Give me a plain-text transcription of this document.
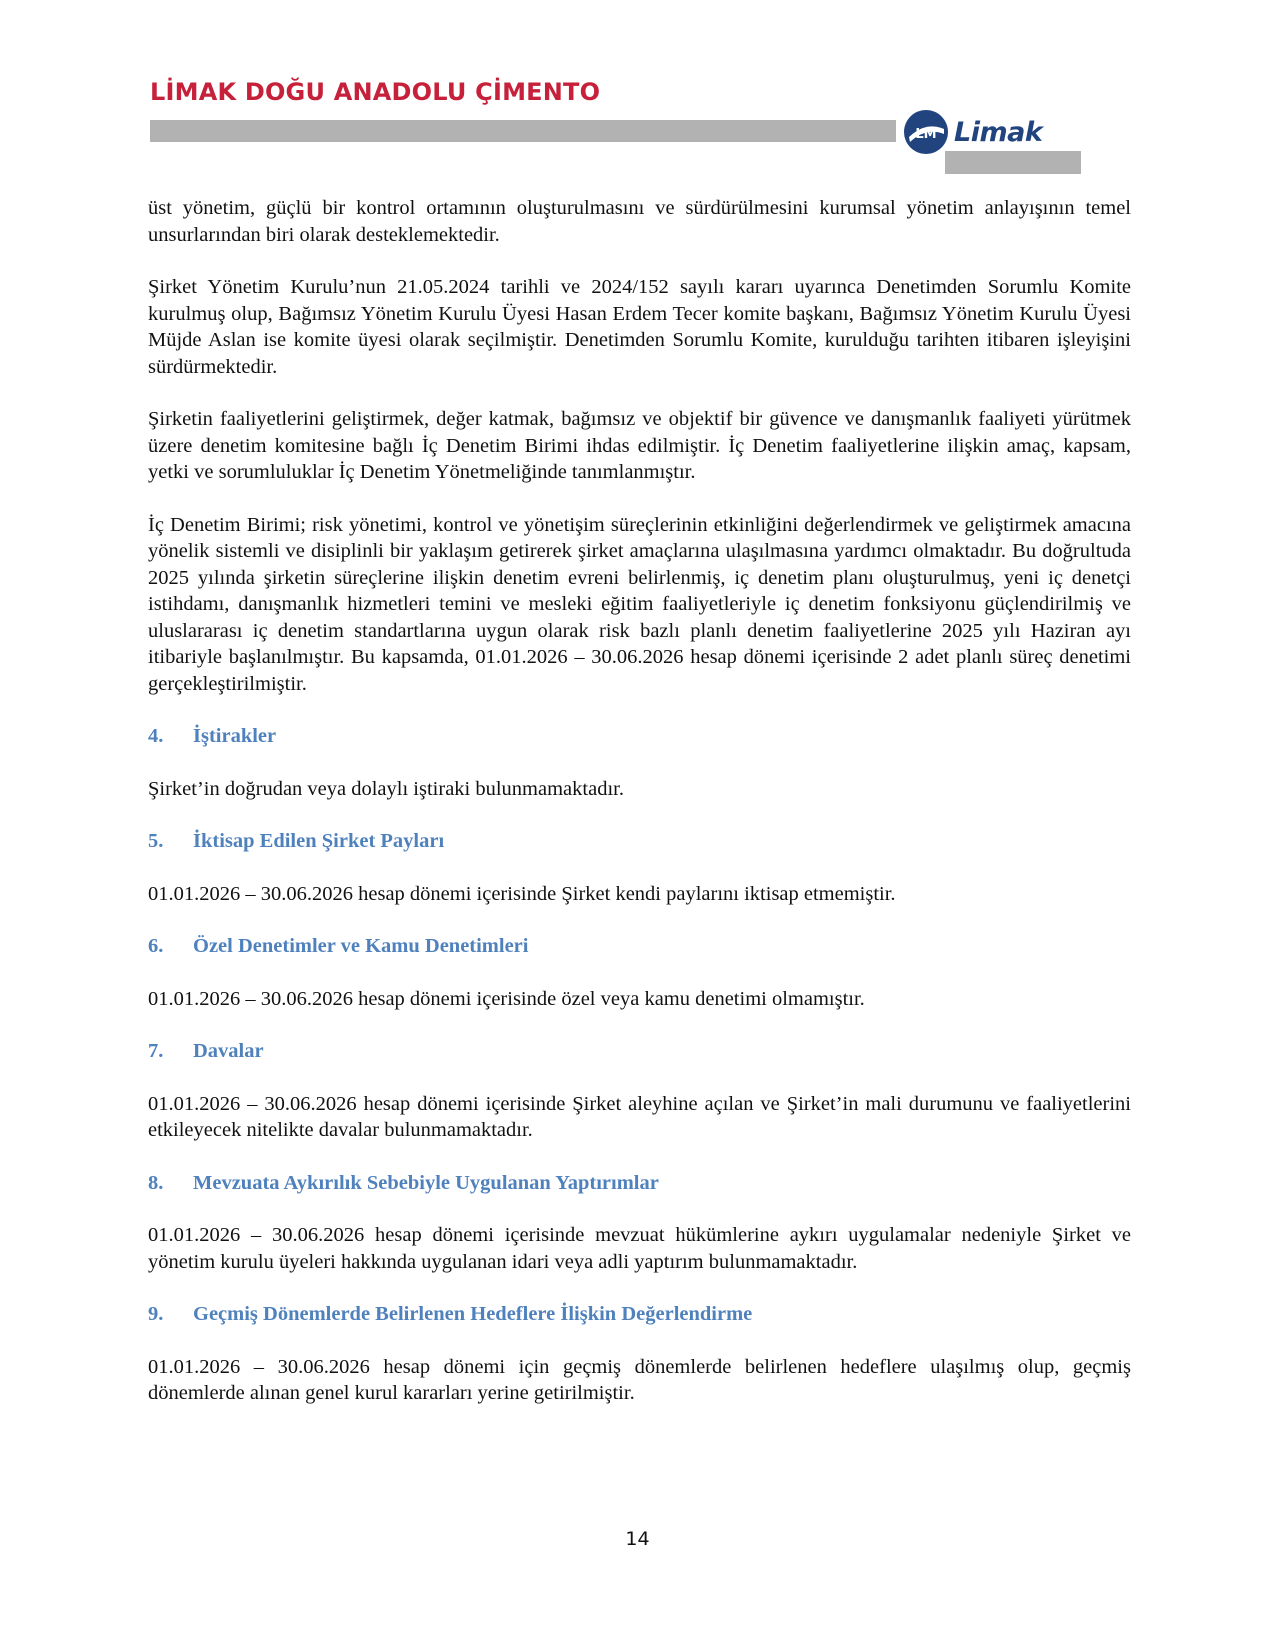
LİMAK DOĞU ANADOLU ÇİMENTO
LM Limak

üst yönetim, güçlü bir kontrol ortamının oluşturulmasını ve sürdürülmesini kurumsal yönetim anlayışının temel unsurlarından biri olarak desteklemektedir.

Şirket Yönetim Kurulu’nun 21.05.2024 tarihli ve 2024/152 sayılı kararı uyarınca Denetimden Sorumlu Komite kurulmuş olup, Bağımsız Yönetim Kurulu Üyesi Hasan Erdem Tecer komite başkanı, Bağımsız Yönetim Kurulu Üyesi Müjde Aslan ise komite üyesi olarak seçilmiştir. Denetimden Sorumlu Komite, kurulduğu tarihten itibaren işleyişini sürdürmektedir.

Şirketin faaliyetlerini geliştirmek, değer katmak, bağımsız ve objektif bir güvence ve danışmanlık faaliyeti yürütmek üzere denetim komitesine bağlı İç Denetim Birimi ihdas edilmiştir. İç Denetim faaliyetlerine ilişkin amaç, kapsam, yetki ve sorumluluklar İç Denetim Yönetmeliğinde tanımlanmıştır.

İç Denetim Birimi; risk yönetimi, kontrol ve yönetişim süreçlerinin etkinliğini değerlendirmek ve geliştirmek amacına yönelik sistemli ve disiplinli bir yaklaşım getirerek şirket amaçlarına ulaşılmasına yardımcı olmaktadır. Bu doğrultuda 2025 yılında şirketin süreçlerine ilişkin denetim evreni belirlenmiş, iç denetim planı oluşturulmuş, yeni iç denetçi istihdamı, danışmanlık hizmetleri temini ve mesleki eğitim faaliyetleriyle iç denetim fonksiyonu güçlendirilmiş ve uluslararası iç denetim standartlarına uygun olarak risk bazlı planlı denetim faaliyetlerine 2025 yılı Haziran ayı itibariyle başlanılmıştır. Bu kapsamda, 01.01.2026 – 30.06.2026 hesap dönemi içerisinde 2 adet planlı süreç denetimi gerçekleştirilmiştir.

4. İştirakler

Şirket’in doğrudan veya dolaylı iştiraki bulunmamaktadır.

5. İktisap Edilen Şirket Payları

01.01.2026 – 30.06.2026 hesap dönemi içerisinde Şirket kendi paylarını iktisap etmemiştir.

6. Özel Denetimler ve Kamu Denetimleri

01.01.2026 – 30.06.2026 hesap dönemi içerisinde özel veya kamu denetimi olmamıştır.

7. Davalar

01.01.2026 – 30.06.2026 hesap dönemi içerisinde Şirket aleyhine açılan ve Şirket’in mali durumunu ve faaliyetlerini etkileyecek nitelikte davalar bulunmamaktadır.

8. Mevzuata Aykırılık Sebebiyle Uygulanan Yaptırımlar

01.01.2026 – 30.06.2026 hesap dönemi içerisinde mevzuat hükümlerine aykırı uygulamalar nedeniyle Şirket ve yönetim kurulu üyeleri hakkında uygulanan idari veya adli yaptırım bulunmamaktadır.

9. Geçmiş Dönemlerde Belirlenen Hedeflere İlişkin Değerlendirme

01.01.2026 – 30.06.2026 hesap dönemi için geçmiş dönemlerde belirlenen hedeflere ulaşılmış olup, geçmiş dönemlerde alınan genel kurul kararları yerine getirilmiştir.

14
